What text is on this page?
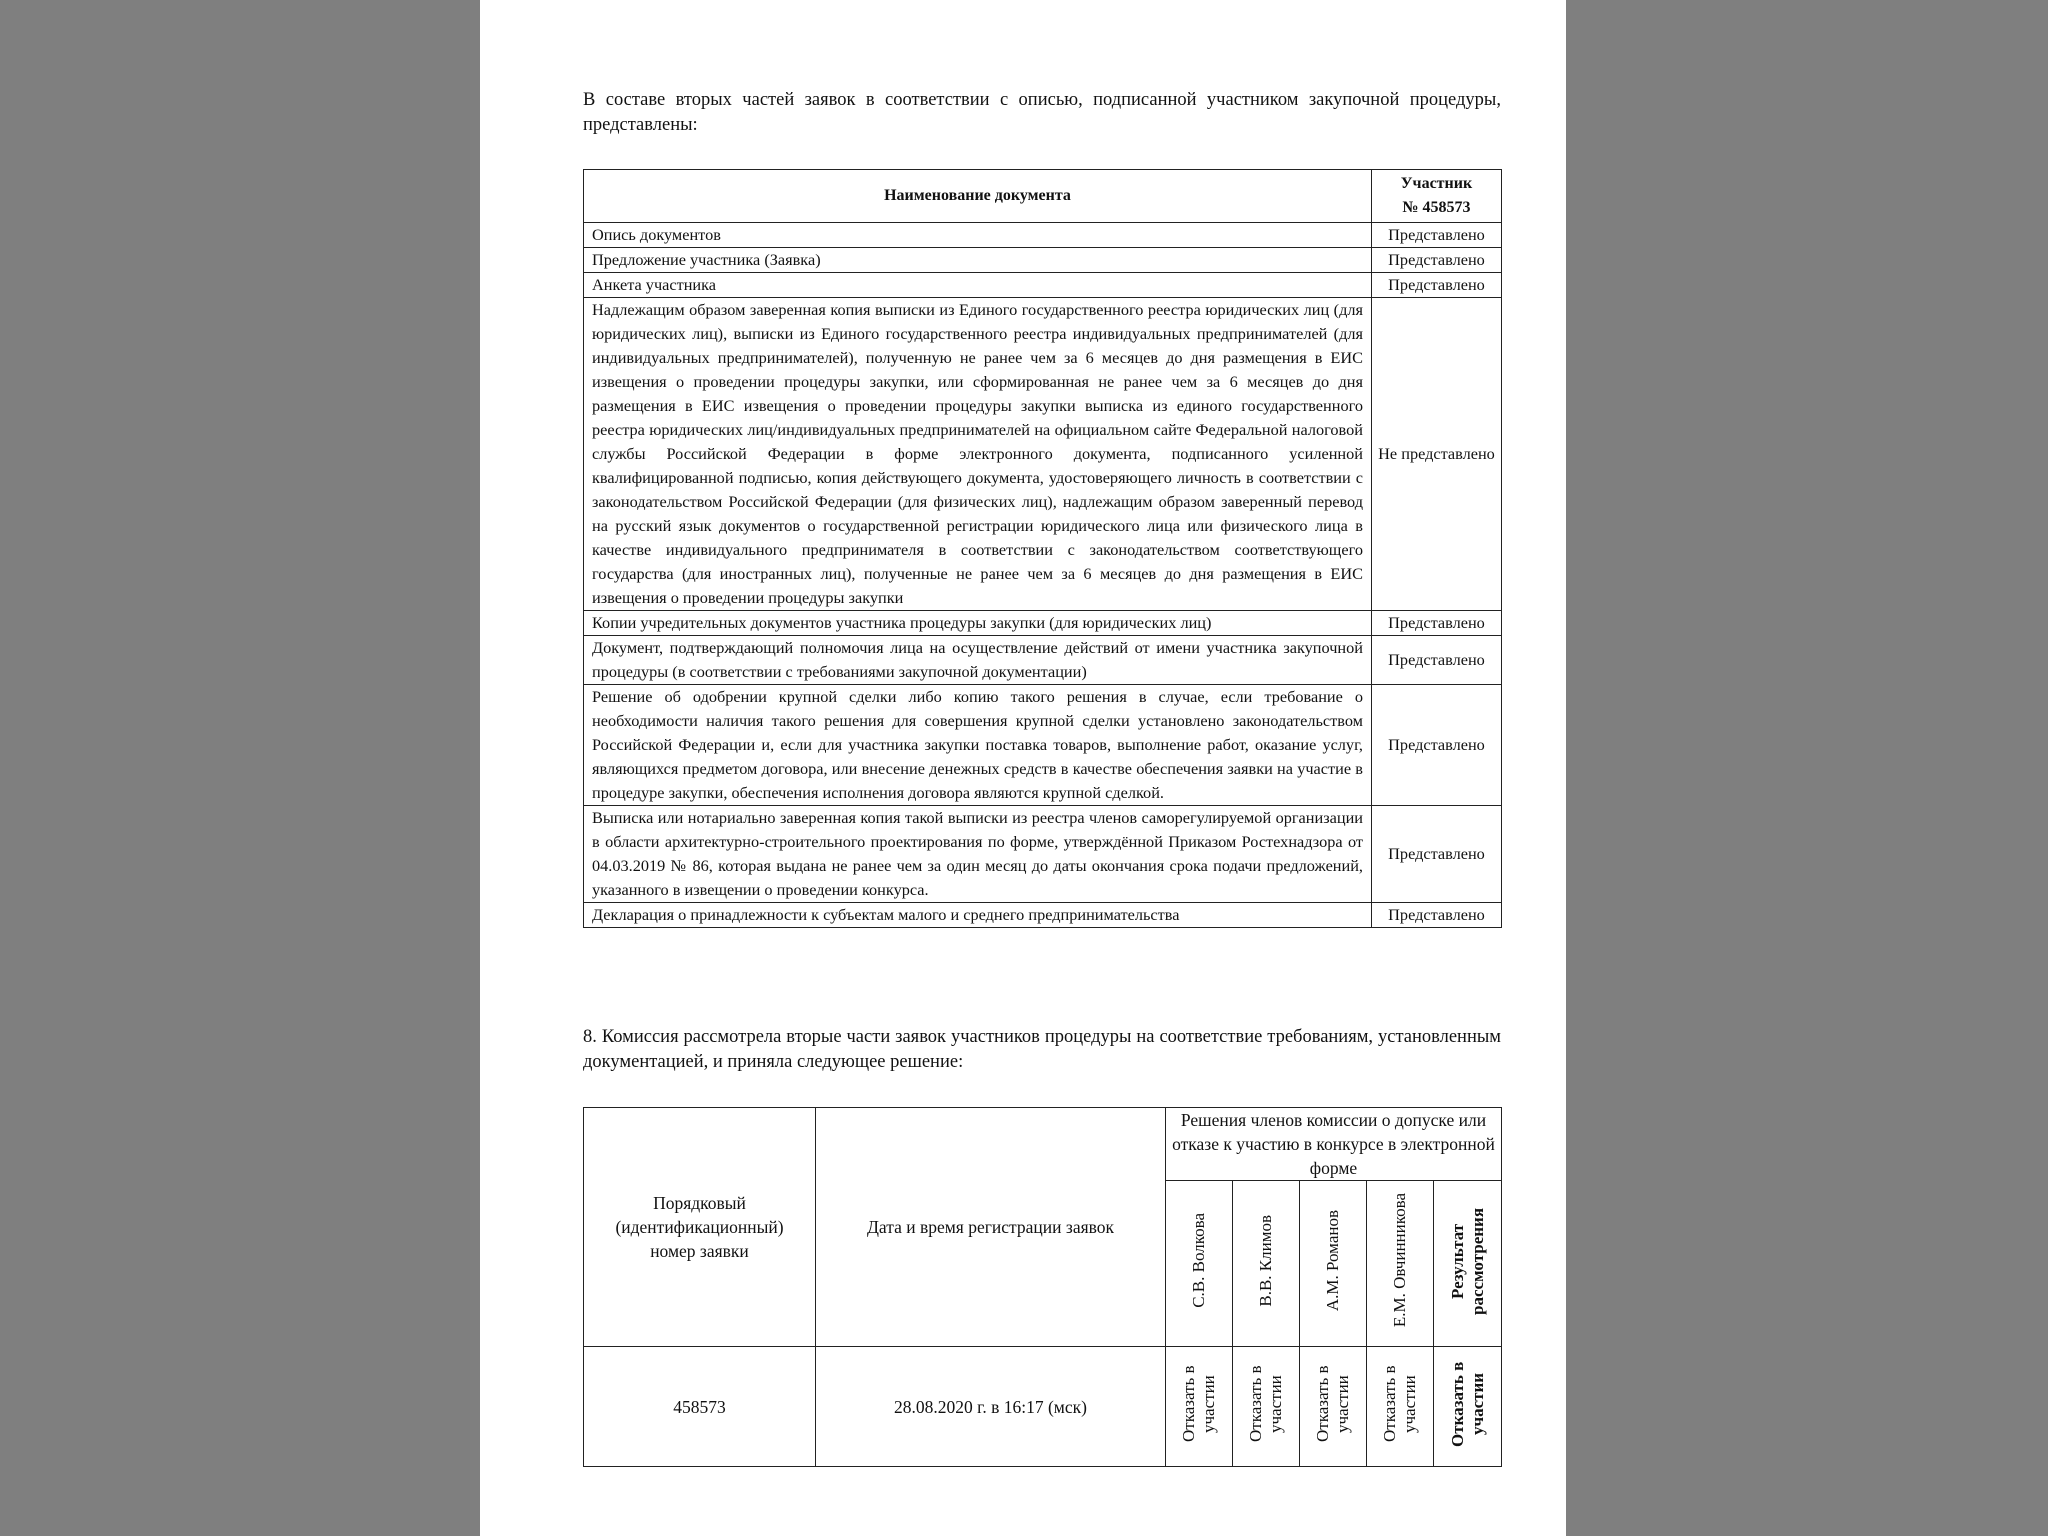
В составе вторых частей заявок в соответствии с описью, подписанной участником закупочной процедуры, представлены:

Наименование документа	Участник
№ 458573

Опись документов	Представлено
Предложение участника (Заявка)	Представлено
Анкета участника	Представлено
Надлежащим образом заверенная копия выписки из Единого государственного реестра юридических лиц (для юридических лиц), выписки из Единого государственного реестра индивидуальных предпринимателей (для индивидуальных предпринимателей), полученную не ранее чем за 6 месяцев до дня размещения в ЕИС извещения о проведении процедуры закупки, или сформированная не ранее чем за 6 месяцев до дня размещения в ЕИС извещения о проведении процедуры закупки выписка из единого государственного реестра юридических лиц/индивидуальных предпринимателей на официальном сайте Федеральной налоговой службы Российской Федерации в форме электронного документа, подписанного усиленной квалифицированной подписью, копия действующего документа, удостоверяющего личность в соответствии с законодательством Российской Федерации (для физических лиц), надлежащим образом заверенный перевод на русский язык документов о государственной регистрации юридического лица или физического лица в качестве индивидуального предпринимателя в соответствии с законодательством соответствующего государства (для иностранных лиц), полученные не ранее чем за 6 месяцев до дня размещения в ЕИС извещения о проведении процедуры закупки	Не представлено
Копии учредительных документов участника процедуры закупки (для юридических лиц)	Представлено
Документ, подтверждающий полномочия лица на осуществление действий от имени участника закупочной процедуры (в соответствии с требованиями закупочной документации)	Представлено
Решение об одобрении крупной сделки либо копию такого решения в случае, если требование о необходимости наличия такого решения для совершения крупной сделки установлено законодательством Российской Федерации и, если для участника закупки поставка товаров, выполнение работ, оказание услуг, являющихся предметом договора, или внесение денежных средств в качестве обеспечения заявки на участие в процедуре закупки, обеспечения исполнения договора являются крупной сделкой.	Представлено
Выписка или нотариально заверенная копия такой выписки из реестра членов саморегулируемой организации в области архитектурно-строительного проектирования по форме, утверждённой Приказом Ростехнадзора от 04.03.2019 № 86, которая выдана не ранее чем за один месяц до даты окончания срока подачи предложений, указанного в извещении о проведении конкурса.	Представлено
Декларация о принадлежности к субъектам малого и среднего предпринимательства	Представлено

8. Комиссия рассмотрела вторые части заявок участников процедуры на соответствие требованиям, установленным документацией, и приняла следующее решение:

Порядковый (идентификационный) номер заявки	Дата и время регистрации заявок	Решения членов комиссии о допуске или отказе к участию в конкурсе в электронной форме				
		С.В. Волкова	В.В. Климов	А.М. Романов	Е.М. Овчинникова	Результат рассмотрения
458573	28.08.2020 г. в 16:17 (мск)	Отказать в участии	Отказать в участии	Отказать в участии	Отказать в участии	Отказать в участии
